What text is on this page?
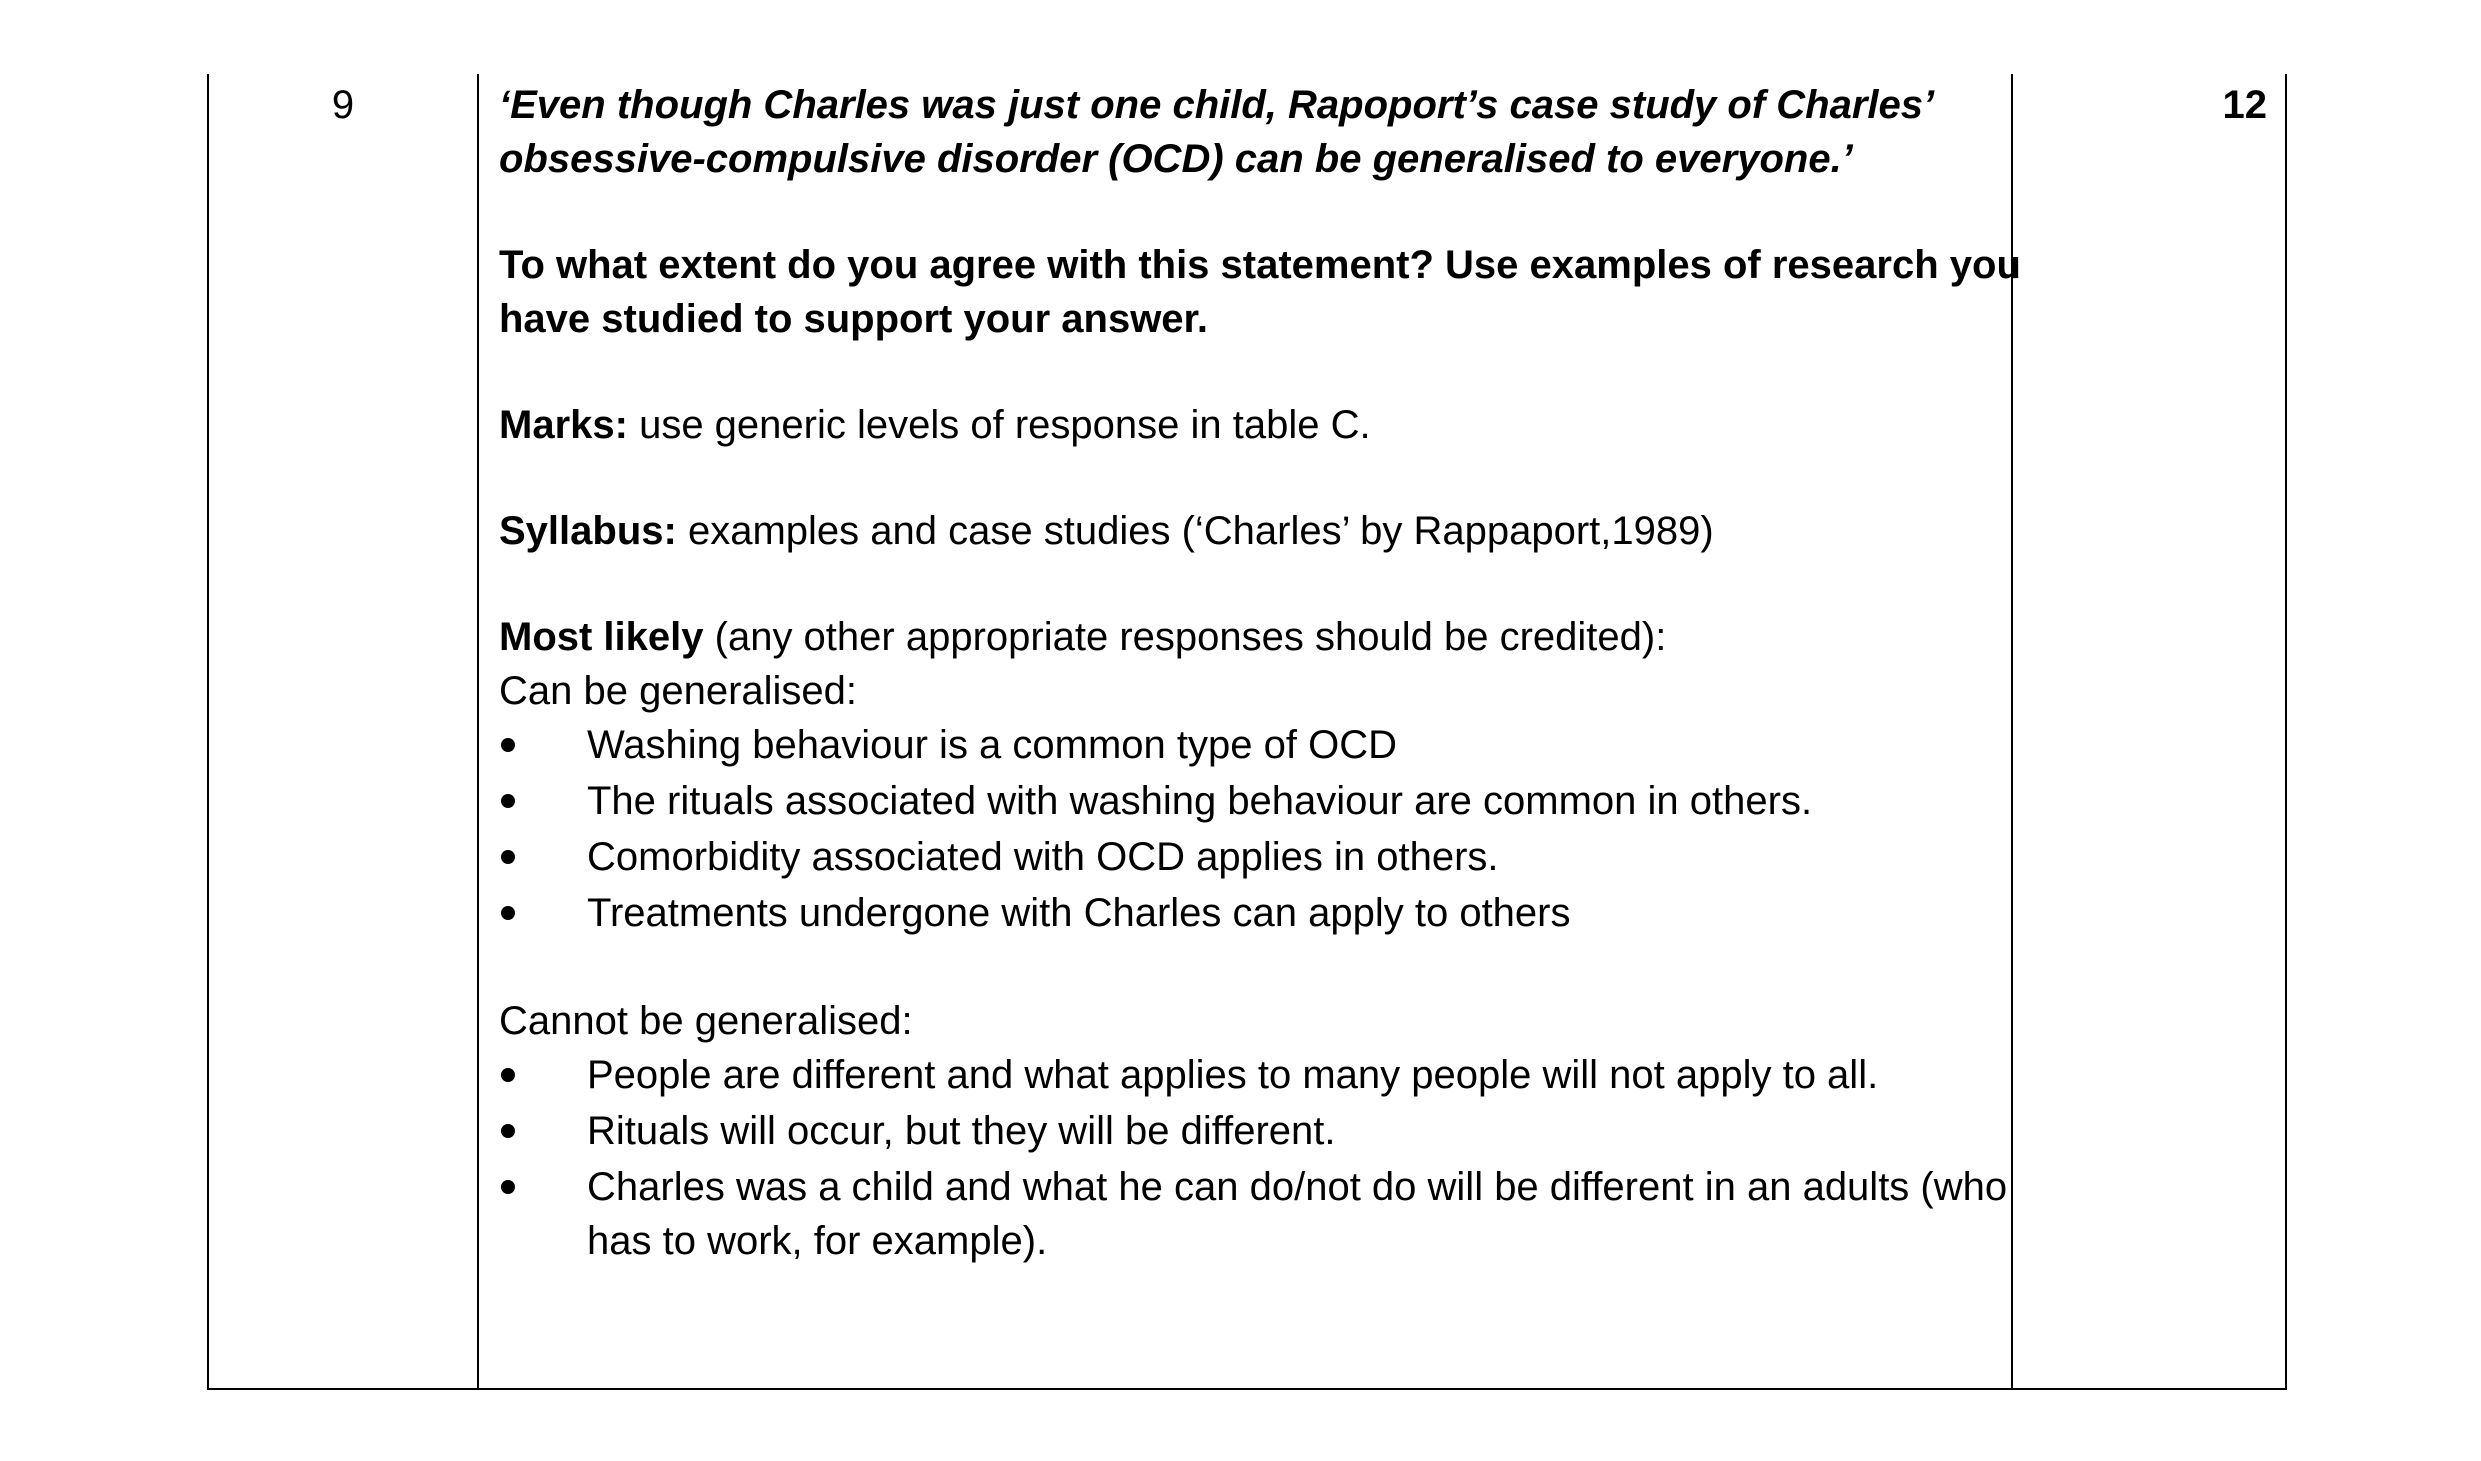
9	‘Even though Charles was just one child, Rapoport’s case study of Charles’ obsessive-compulsive disorder (OCD) can be generalised to everyone.’

To what extent do you agree with this statement? Use examples of research you have studied to support your answer.

Marks: use generic levels of response in table C.

Syllabus: examples and case studies (‘Charles’ by Rappaport,1989)

Most likely (any other appropriate responses should be credited):

Can be generalised:

Washing behaviour is a common type of OCD
The rituals associated with washing behaviour are common in others.
Comorbidity associated with OCD applies in others.
Treatments undergone with Charles can apply to others

Cannot be generalised:

People are different and what applies to many people will not apply to all.
Rituals will occur, but they will be different.
Charles was a child and what he can do/not do will be different in an adults (who has to work, for example).
12
